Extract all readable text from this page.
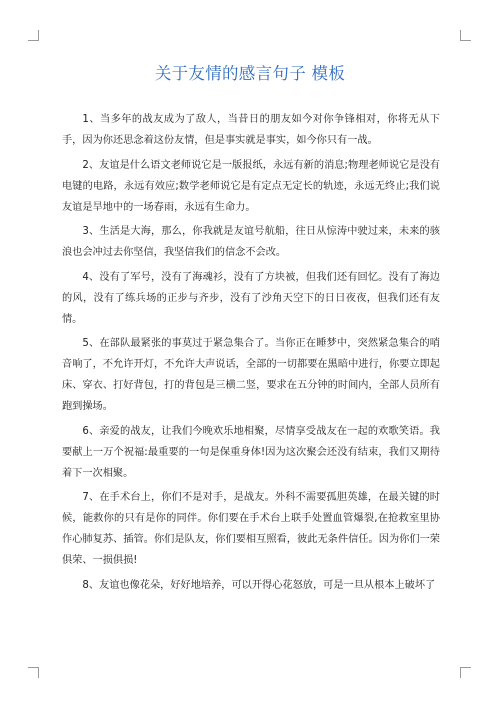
关于友情的感言句子 模板

1、当多年的战友成为了敌人，当昔日的朋友如今对你争锋相对，你将无从下手，因为你还思念着这份友情，但是事实就是事实，如今你只有一战。

2、友谊是什么语文老师说它是一版报纸，永远有新的消息;物理老师说它是没有电键的电路，永远有效应;数学老师说它是有定点无定长的轨迹，永远无终止;我们说友谊是旱地中的一场春雨，永远有生命力。

3、生活是大海，那么，你我就是友谊号航船，往日从惊涛中驶过来，未来的骇浪也会冲过去你坚信，我坚信我们的信念不会改。

4、没有了军号，没有了海魂衫，没有了方块被，但我们还有回忆。没有了海边的风，没有了练兵场的正步与齐步，没有了沙角天空下的日日夜夜，但我们还有友情。

5、在部队最紧张的事莫过于紧急集合了。当你正在睡梦中，突然紧急集合的哨音响了，不允许开灯，不允许大声说话，全部的一切都要在黑暗中进行，你要立即起床、穿衣、打好背包，打的背包是三横二竖，要求在五分钟的时间内，全部人员所有跑到操场。

6、亲爱的战友，让我们今晚欢乐地相聚，尽情享受战友在一起的欢歌笑语。我要献上一万个祝福:最重要的一句是保重身体!因为这次聚会还没有结束，我们又期待着下一次相聚。

7、在手术台上，你们不是对手，是战友。外科不需要孤胆英雄，在最关键的时候，能救你的只有是你的同伴。你们要在手术台上联手处置血管爆裂,在抢救室里协作心肺复苏、插管。你们是队友，你们要相互照看，彼此无条件信任。因为你们一荣俱荣、一损俱损!

8、友谊也像花朵，好好地培养，可以开得心花怒放，可是一旦从根本上破坏了
